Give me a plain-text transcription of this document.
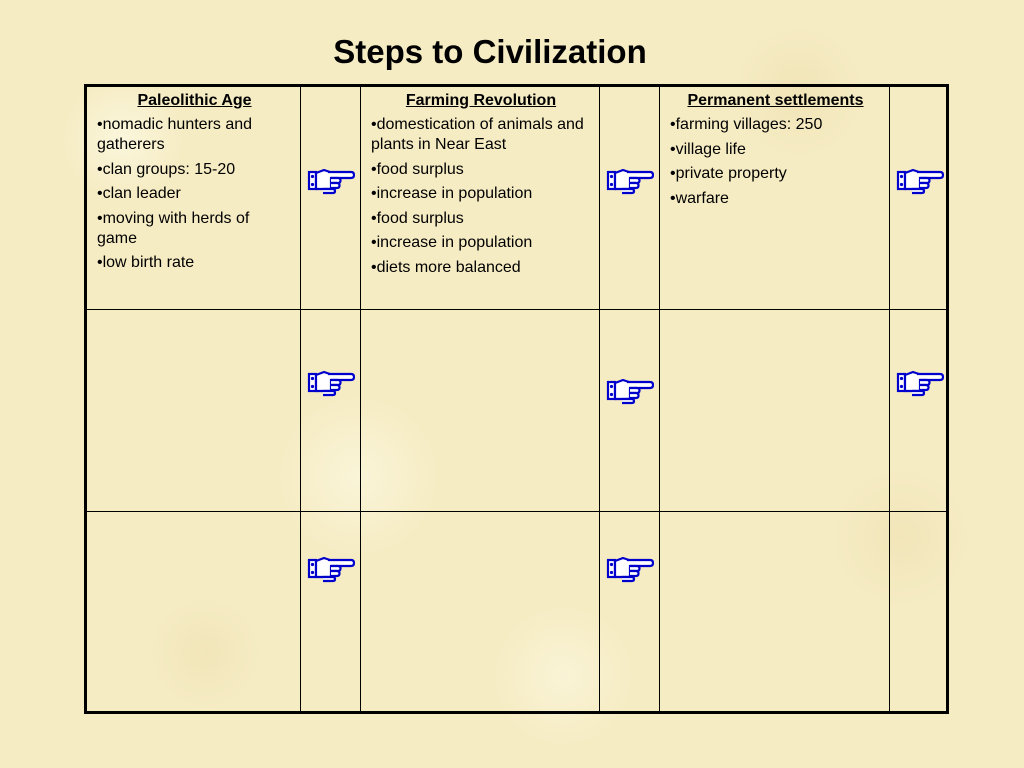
Steps to Civilization
Paleolithic Age
•nomadic hunters and gatherers
•clan groups: 15-20
•clan leader
•moving with herds of game
•low birth rate
Farming Revolution
•domestication of animals and plants in Near East
•food surplus
•increase in population
•food surplus
•increase in population
•diets more balanced
Permanent settlements
•farming villages: 250
•village life
•private property
•warfare
